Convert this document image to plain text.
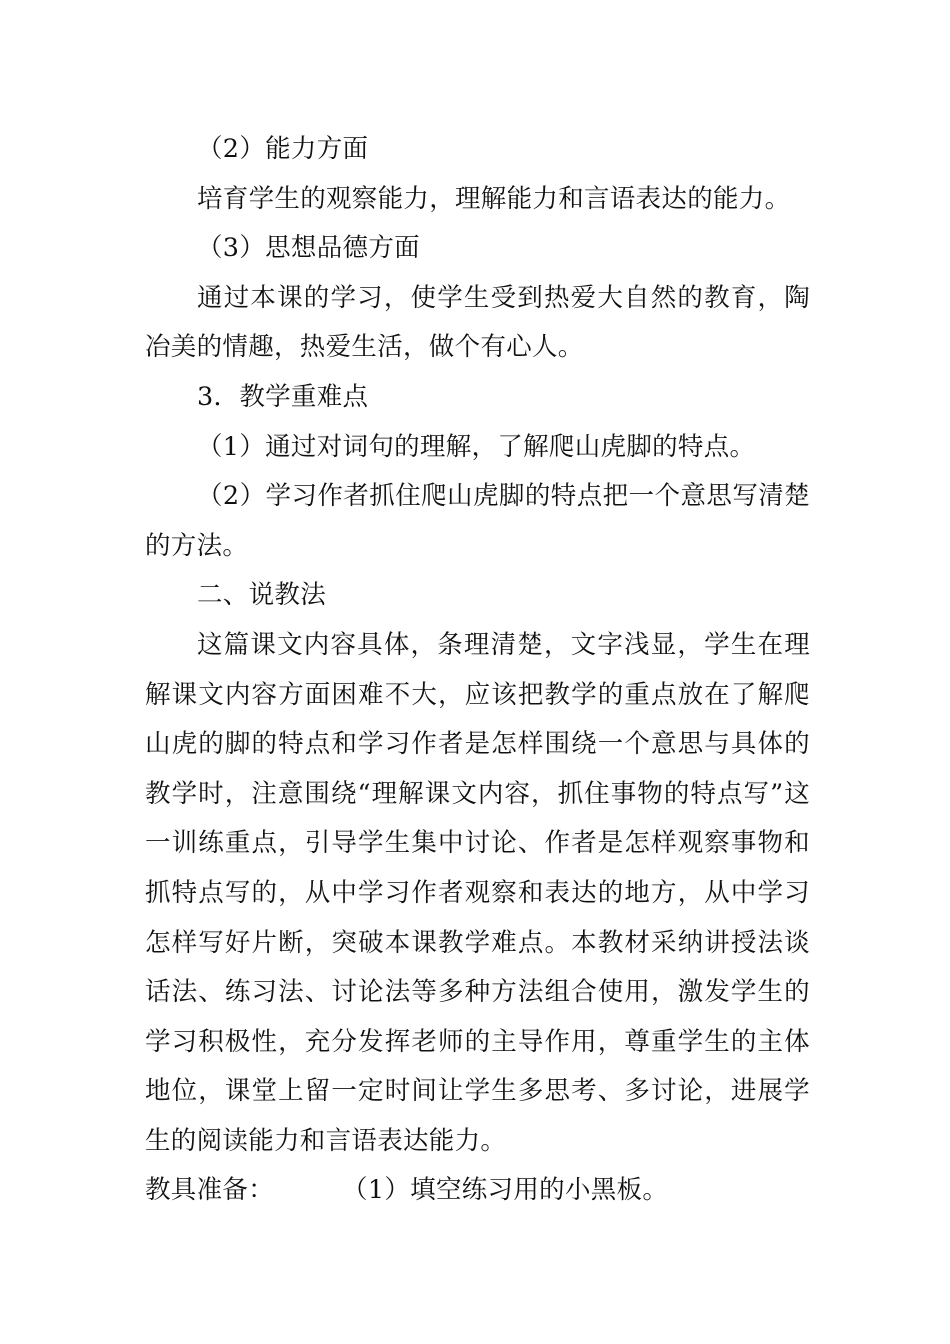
（2）能力方面

培育学生的观察能力，理解能力和言语表达的能力。

（3）思想品德方面

通过本课的学习，使学生受到热爱大自然的教育，陶冶美的情趣，热爱生活，做个有心人。

3．教学重难点

（1）通过对词句的理解，了解爬山虎脚的特点。

（2）学习作者抓住爬山虎脚的特点把一个意思写清楚的方法。

二、说教法

这篇课文内容具体，条理清楚，文字浅显，学生在理解课文内容方面困难不大，应该把教学的重点放在了解爬山虎的脚的特点和学习作者是怎样围绕一个意思与具体的教学时，注意围绕“理解课文内容，抓住事物的特点写”这一训练重点，引导学生集中讨论、作者是怎样观察事物和抓特点写的，从中学习作者观察和表达的地方，从中学习怎样写好片断，突破本课教学难点。本教材采纳讲授法谈话法、练习法、讨论法等多种方法组合使用，激发学生的学习积极性，充分发挥老师的主导作用，尊重学生的主体地位，课堂上留一定时间让学生多思考、多讨论，进展学生的阅读能力和言语表达能力。

教具准备：	（1）填空练习用的小黑板。
